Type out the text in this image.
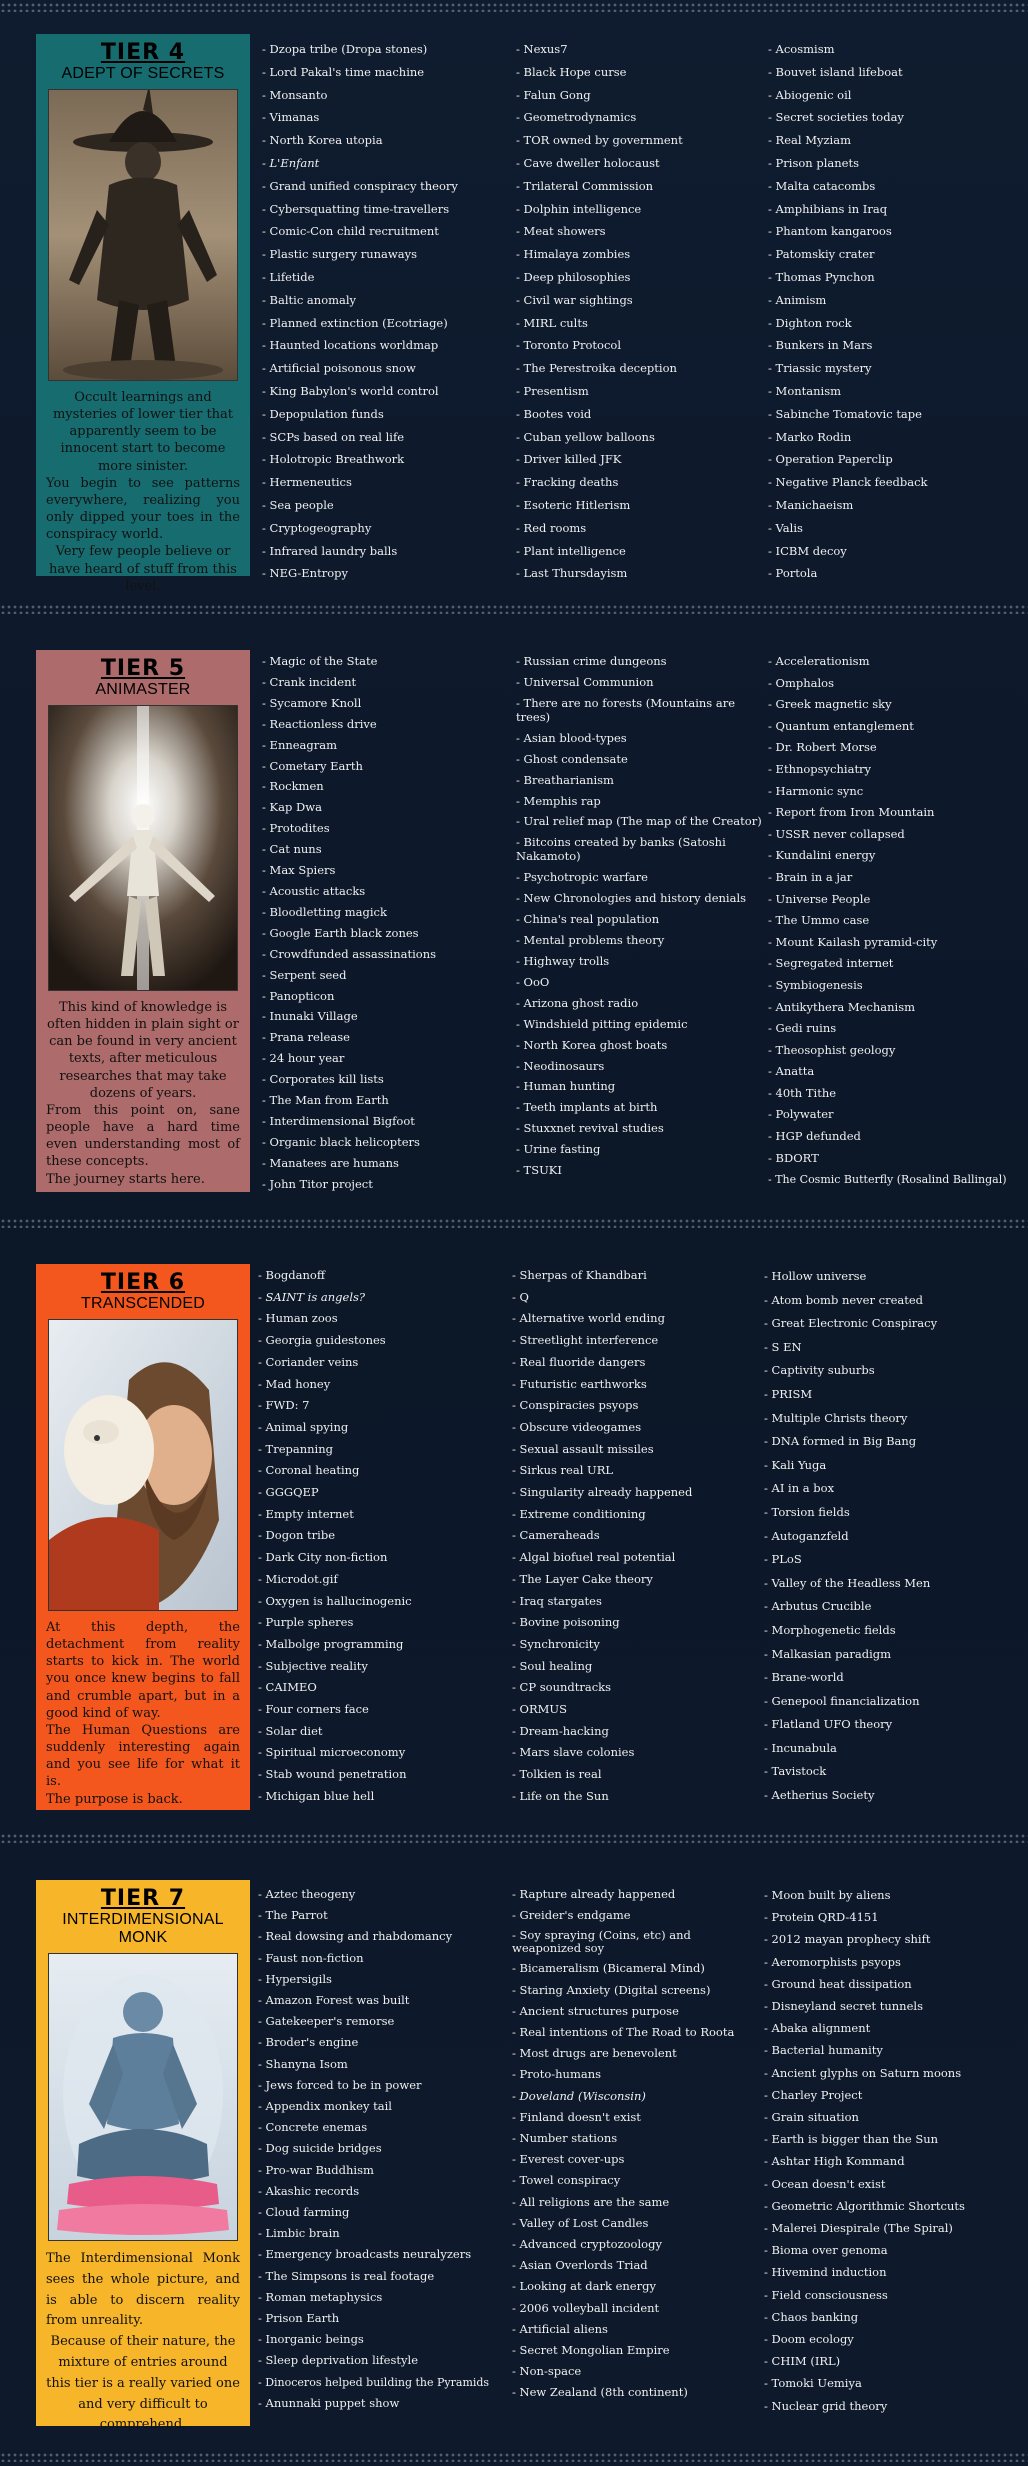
TIER 4
ADEPT OF SECRETS

Occult learnings and mysteries of lower tier that apparently seem to be innocent start to become more sinister.

You begin to see patterns everywhere, realizing you only dipped your toes in the conspiracy world.

Very few people believe or have heard of stuff from this level.

- Dzopa tribe (Dropa stones)
- Lord Pakal's time machine
- Monsanto
- Vimanas
- North Korea utopia
- L'Enfant
- Grand unified conspiracy theory
- Cybersquatting time-travellers
- Comic-Con child recruitment
- Plastic surgery runaways
- Lifetide
- Baltic anomaly
- Planned extinction (Ecotriage)
- Haunted locations worldmap
- Artificial poisonous snow
- King Babylon's world control
- Depopulation funds
- SCPs based on real life
- Holotropic Breathwork
- Hermeneutics
- Sea people
- Cryptogeography
- Infrared laundry balls
- NEG-Entropy
- Nexus7
- Black Hope curse
- Falun Gong
- Geometrodynamics
- TOR owned by government
- Cave dweller holocaust
- Trilateral Commission
- Dolphin intelligence
- Meat showers
- Himalaya zombies
- Deep philosophies
- Civil war sightings
- MIRL cults
- Toronto Protocol
- The Perestroika deception
- Presentism
- Bootes void
- Cuban yellow balloons
- Driver killed JFK
- Fracking deaths
- Esoteric Hitlerism
- Red rooms
- Plant intelligence
- Last Thursdayism
- Acosmism
- Bouvet island lifeboat
- Abiogenic oil
- Secret societies today
- Real Myziam
- Prison planets
- Malta catacombs
- Amphibians in Iraq
- Phantom kangaroos
- Patomskiy crater
- Thomas Pynchon
- Animism
- Dighton rock
- Bunkers in Mars
- Triassic mystery
- Montanism
- Sabinche Tomatovic tape
- Marko Rodin
- Operation Paperclip
- Negative Planck feedback
- Manichaeism
- Valis
- ICBM decoy
- Portola
TIER 5
ANIMASTER

This kind of knowledge is often hidden in plain sight or can be found in very ancient texts, after meticulous researches that may take dozens of years.

From this point on, sane people have a hard time even understanding most of these concepts.

The journey starts here.

- Magic of the State
- Crank incident
- Sycamore Knoll
- Reactionless drive
- Enneagram
- Cometary Earth
- Rockmen
- Kap Dwa
- Protodites
- Cat nuns
- Max Spiers
- Acoustic attacks
- Bloodletting magick
- Google Earth black zones
- Crowdfunded assassinations
- Serpent seed
- Panopticon
- Inunaki Village
- Prana release
- 24 hour year
- Corporates kill lists
- The Man from Earth
- Interdimensional Bigfoot
- Organic black helicopters
- Manatees are humans
- John Titor project
- Russian crime dungeons
- Universal Communion
- There are no forests (Mountains are trees)
- Asian blood-types
- Ghost condensate
- Breatharianism
- Memphis rap
- Ural relief map (The map of the Creator)
- Bitcoins created by banks (Satoshi Nakamoto)
- Psychotropic warfare
- New Chronologies and history denials
- China's real population
- Mental problems theory
- Highway trolls
- OoO
- Arizona ghost radio
- Windshield pitting epidemic
- North Korea ghost boats
- Neodinosaurs
- Human hunting
- Teeth implants at birth
- Stuxxnet revival studies
- Urine fasting
- TSUKI
- Accelerationism
- Omphalos
- Greek magnetic sky
- Quantum entanglement
- Dr. Robert Morse
- Ethnopsychiatry
- Harmonic sync
- Report from Iron Mountain
- USSR never collapsed
- Kundalini energy
- Brain in a jar
- Universe People
- The Ummo case
- Mount Kailash pyramid-city
- Segregated internet
- Symbiogenesis
- Antikythera Mechanism
- Gedi ruins
- Theosophist geology
- Anatta
- 40th Tithe
- Polywater
- HGP defunded
- BDORT
- The Cosmic Butterfly (Rosalind Ballingal)
TIER 6
TRANSCENDED

At this depth, the detachment from reality starts to kick in. The world you once knew begins to fall and crumble apart, but in a good kind of way.

The Human Questions are suddenly interesting again and you see life for what it is.

The purpose is back.

- Bogdanoff
- SAINT is angels?
- Human zoos
- Georgia guidestones
- Coriander veins
- Mad honey
- FWD: 7
- Animal spying
- Trepanning
- Coronal heating
- GGGQEP
- Empty internet
- Dogon tribe
- Dark City non-fiction
- Microdot.gif
- Oxygen is hallucinogenic
- Purple spheres
- Malbolge programming
- Subjective reality
- CAIMEO
- Four corners face
- Solar diet
- Spiritual microeconomy
- Stab wound penetration
- Michigan blue hell
- Sherpas of Khandbari
- Q
- Alternative world ending
- Streetlight interference
- Real fluoride dangers
- Futuristic earthworks
- Conspiracies psyops
- Obscure videogames
- Sexual assault missiles
- Sirkus real URL
- Singularity already happened
- Extreme conditioning
- Cameraheads
- Algal biofuel real potential
- The Layer Cake theory
- Iraq stargates
- Bovine poisoning
- Synchronicity
- Soul healing
- CP soundtracks
- ORMUS
- Dream-hacking
- Mars slave colonies
- Tolkien is real
- Life on the Sun
- Hollow universe
- Atom bomb never created
- Great Electronic Conspiracy
- S EN
- Captivity suburbs
- PRISM
- Multiple Christs theory
- DNA formed in Big Bang
- Kali Yuga
- AI in a box
- Torsion fields
- Autoganzfeld
- PLoS
- Valley of the Headless Men
- Arbutus Crucible
- Morphogenetic fields
- Malkasian paradigm
- Brane-world
- Genepool financialization
- Flatland UFO theory
- Incunabula
- Tavistock
- Aetherius Society
TIER 7
INTERDIMENSIONAL MONK

The Interdimensional Monk sees the whole picture, and is able to discern reality from unreality.

Because of their nature, the mixture of entries around this tier is a really varied one and very difficult to comprehend.

- Aztec theogeny
- The Parrot
- Real dowsing and rhabdomancy
- Faust non-fiction
- Hypersigils
- Amazon Forest was built
- Gatekeeper's remorse
- Broder's engine
- Shanyna Isom
- Jews forced to be in power
- Appendix monkey tail
- Concrete enemas
- Dog suicide bridges
- Pro-war Buddhism
- Akashic records
- Cloud farming
- Limbic brain
- Emergency broadcasts neuralyzers
- The Simpsons is real footage
- Roman metaphysics
- Prison Earth
- Inorganic beings
- Sleep deprivation lifestyle
- Dinoceros helped building the Pyramids
- Anunnaki puppet show
- Rapture already happened
- Greider's endgame
- Soy spraying (Coins, etc) and weaponized soy
- Bicameralism (Bicameral Mind)
- Staring Anxiety (Digital screens)
- Ancient structures purpose
- Real intentions of The Road to Roota
- Most drugs are benevolent
- Proto-humans
- Doveland (Wisconsin)
- Finland doesn't exist
- Number stations
- Everest cover-ups
- Towel conspiracy
- All religions are the same
- Valley of Lost Candles
- Advanced cryptozoology
- Asian Overlords Triad
- Looking at dark energy
- 2006 volleyball incident
- Artificial aliens
- Secret Mongolian Empire
- Non-space
- New Zealand (8th continent)
- Moon built by aliens
- Protein QRD-4151
- 2012 mayan prophecy shift
- Aeromorphists psyops
- Ground heat dissipation
- Disneyland secret tunnels
- Abaka alignment
- Bacterial humanity
- Ancient glyphs on Saturn moons
- Charley Project
- Grain situation
- Earth is bigger than the Sun
- Ashtar High Kommand
- Ocean doesn't exist
- Geometric Algorithmic Shortcuts
- Malerei Diespirale (The Spiral)
- Bioma over genoma
- Hivemind induction
- Field consciousness
- Chaos banking
- Doom ecology
- CHIM (IRL)
- Tomoki Uemiya
- Nuclear grid theory
